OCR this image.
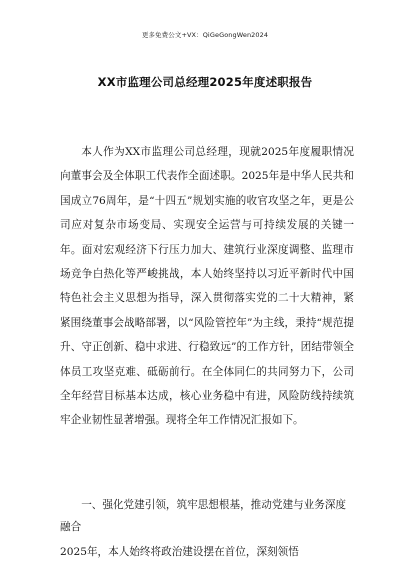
更多免费公文+VX：QiGeGongWen2024
XX市监理公司总经理2025年度述职报告
本人作为XX市监理公司总经理，现就2025年度履职情况向董事会及全体职工代表作全面述职。2025年是中华人民共和国成立76周年，是“十四五”规划实施的收官攻坚之年，更是公司应对复杂市场变局、实现安全运营与可持续发展的关键一年。面对宏观经济下行压力加大、建筑行业深度调整、监理市场竞争白热化等严峻挑战，本人始终坚持以习近平新时代中国特色社会主义思想为指导，深入贯彻落实党的二十大精神，紧紧围绕董事会战略部署，以“风险管控年”为主线，秉持“规范提升、守正创新、稳中求进、行稳致远”的工作方针，团结带领全体员工攻坚克难、砥砺前行。在全体同仁的共同努力下，公司全年经营目标基本达成，核心业务稳中有进，风险防线持续筑牢企业韧性显著增强。现将全年工作情况汇报如下。
一、强化党建引领，筑牢思想根基，推动党建与业务深度融合
2025年，本人始终将政治建设摆在首位，深刻领悟
